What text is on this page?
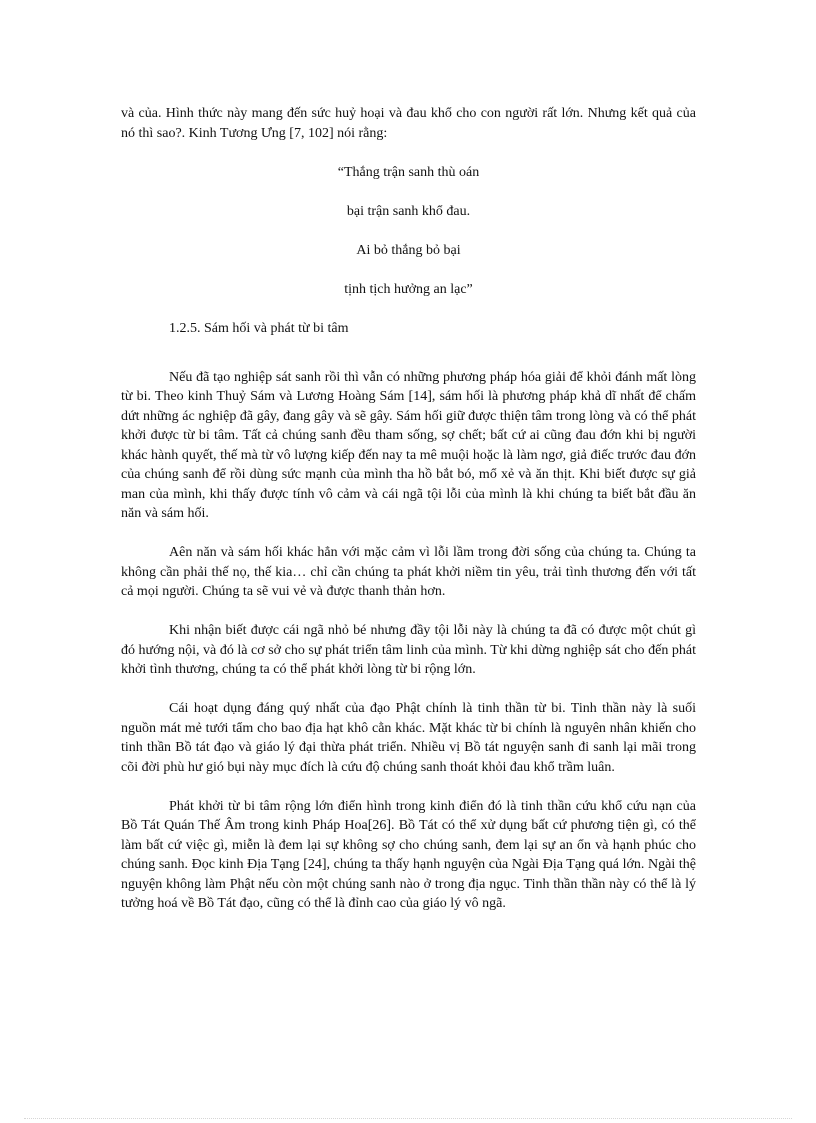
và của. Hình thức này mang đến sức huỷ hoại và đau khổ cho con người rất lớn. Nhưng kết quả của nó thì sao?. Kinh Tương Ưng [7, 102] nói rằng:

“Thắng trận sanh thù oán
bại trận sanh khổ đau.
Ai bỏ thắng bỏ bại
tịnh tịch hưởng an lạc”

1.2.5. Sám hối và phát từ bi tâm

Nếu đã tạo nghiệp sát sanh rồi thì vẫn có những phương pháp hóa giải để khỏi đánh mất lòng từ bi. Theo kinh Thuỷ Sám và Lương Hoàng Sám [14], sám hối là phương pháp khả dĩ nhất để chấm dứt những ác nghiệp đã gây, đang gây và sẽ gây. Sám hối giữ được thiện tâm trong lòng và có thể phát khởi được từ bi tâm. Tất cả chúng sanh đều tham sống, sợ chết; bất cứ ai cũng đau đớn khi bị người khác hành quyết, thế mà từ vô lượng kiếp đến nay ta mê muội hoặc là làm ngơ, giả điếc trước đau đớn của chúng sanh để rồi dùng sức mạnh của mình tha hồ bắt bó, mổ xẻ và ăn thịt. Khi biết được sự giả man của mình, khi thấy được tính vô cảm và cái ngã tội lỗi của mình là khi chúng ta biết bắt đầu ăn năn và sám hối.

Aên năn và sám hối khác hẳn với mặc cảm vì lỗi lầm trong đời sống của chúng ta. Chúng ta không cần phải thế nọ, thế kia… chỉ cần chúng ta phát khởi niềm tin yêu, trải tình thương đến với tất cả mọi người. Chúng ta sẽ vui vẻ và được thanh thản hơn.

Khi nhận biết được cái ngã nhỏ bé nhưng đầy tội lỗi này là chúng ta đã có được một chút gì đó hướng nội, và đó là cơ sở cho sự phát triển tâm linh của mình. Từ khi dừng nghiệp sát cho đến phát khởi tình thương, chúng ta có thể phát khởi lòng từ bi rộng lớn.

Cái hoạt dụng đáng quý nhất của đạo Phật chính là tinh thần từ bi. Tinh thần này là suối nguồn mát mẻ tưới tẩm cho bao địa hạt khô cằn khác. Mặt khác từ bi chính là nguyên nhân khiến cho tinh thần Bồ tát đạo và giáo lý đại thừa phát triển. Nhiều vị Bồ tát nguyện sanh đi sanh lại mãi trong cõi đời phù hư gió bụi này mục đích là cứu độ chúng sanh thoát khỏi đau khổ trầm luân.

Phát khởi từ bi tâm rộng lớn điển hình trong kinh điển đó là tinh thần cứu khổ cứu nạn của Bồ Tát Quán Thế Âm trong kinh Pháp Hoa[26]. Bồ Tát có thể xử dụng bất cứ phương tiện gì, có thể làm bất cứ việc gì, miễn là đem lại sự không sợ cho chúng sanh, đem lại sự an ổn và hạnh phúc cho chúng sanh. Đọc kinh Địa Tạng [24], chúng ta thấy hạnh nguyện của Ngài Địa Tạng quá lớn. Ngài thệ nguyện không làm Phật nếu còn một chúng sanh nào ở trong địa ngục. Tinh thần thần này có thể là lý tưởng hoá về Bồ Tát đạo, cũng có thể là đỉnh cao của giáo lý vô ngã.
